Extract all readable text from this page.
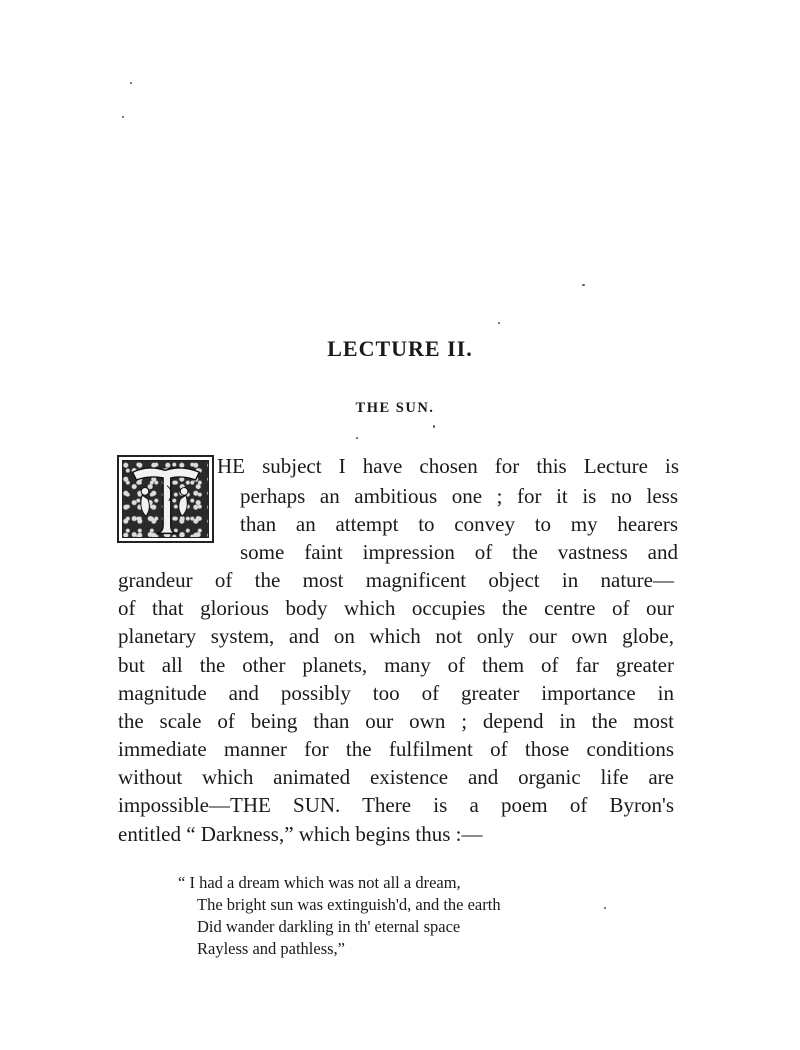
LECTURE II.
THE SUN.
HE subject I have chosen for this Lecture is
perhaps an ambitious one ; for it is no less
than an attempt to convey to my hearers
some faint impression of the vastness and
grandeur of the most magnificent object in nature—
of that glorious body which occupies the centre of our
planetary system, and on which not only our own globe,
but all the other planets, many of them of far greater
magnitude and possibly too of greater importance in
the scale of being than our own ; depend in the most
immediate manner for the fulfilment of those conditions
without which animated existence and organic life are
impossible—THE SUN. There is a poem of Byron's
entitled “ Darkness,” which begins thus :—
“ I had a dream which was not all a dream,
The bright sun was extinguish'd, and the earth
Did wander darkling in th' eternal space
Rayless and pathless,”
